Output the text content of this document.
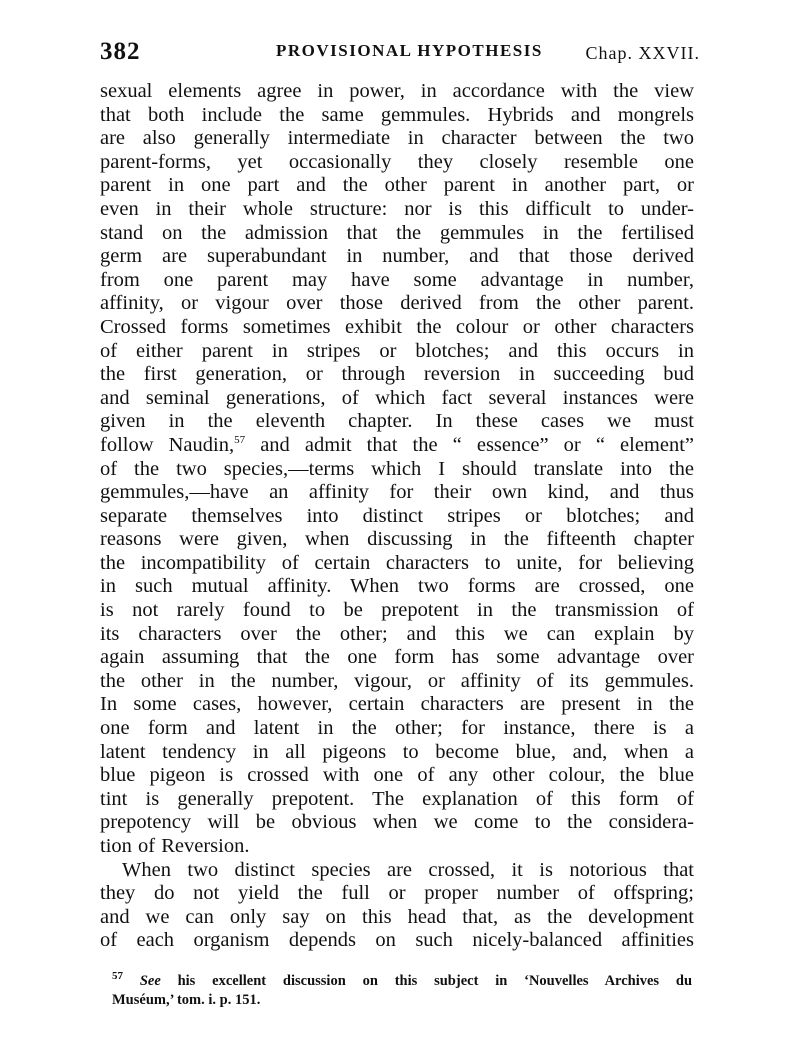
382	PROVISIONAL HYPOTHESIS Chap. XXVII.
sexual elements agree in power, in accordance with the view
that both include the same gemmules. Hybrids and mongrels
are also generally intermediate in character between the two
parent-forms, yet occasionally they closely resemble one
parent in one part and the other parent in another part, or
even in their whole structure: nor is this difficult to under-
stand on the admission that the gemmules in the fertilised
germ are superabundant in number, and that those derived
from one parent may have some advantage in number,
affinity, or vigour over those derived from the other parent.
Crossed forms sometimes exhibit the colour or other characters
of either parent in stripes or blotches; and this occurs in
the first generation, or through reversion in succeeding bud
and seminal generations, of which fact several instances were
given in the eleventh chapter. In these cases we must
follow Naudin,$^{57}$ and admit that the “ essence” or “ element”
of the two species,—terms which I should translate into the
gemmules,—have an affinity for their own kind, and thus
separate themselves into distinct stripes or blotches; and
reasons were given, when discussing in the fifteenth chapter
the incompatibility of certain characters to unite, for believing
in such mutual affinity. When two forms are crossed, one
is not rarely found to be prepotent in the transmission of
its characters over the other; and this we can explain by
again assuming that the one form has some advantage over
the other in the number, vigour, or affinity of its gemmules.
In some cases, however, certain characters are present in the
one form and latent in the other; for instance, there is a
latent tendency in all pigeons to become blue, and, when a
blue pigeon is crossed with one of any other colour, the blue
tint is generally prepotent. The explanation of this form of
prepotency will be obvious when we come to the considera-
tion of Reversion.
When two distinct species are crossed, it is notorious that
they do not yield the full or proper number of offspring;
and we can only say on this head that, as the development
of each organism depends on such nicely-balanced affinities
$^{57}$ See his excellent discussion on this subject in ‘Nouvelles Archives du
Muséum,’ tom. i. p. 151.
